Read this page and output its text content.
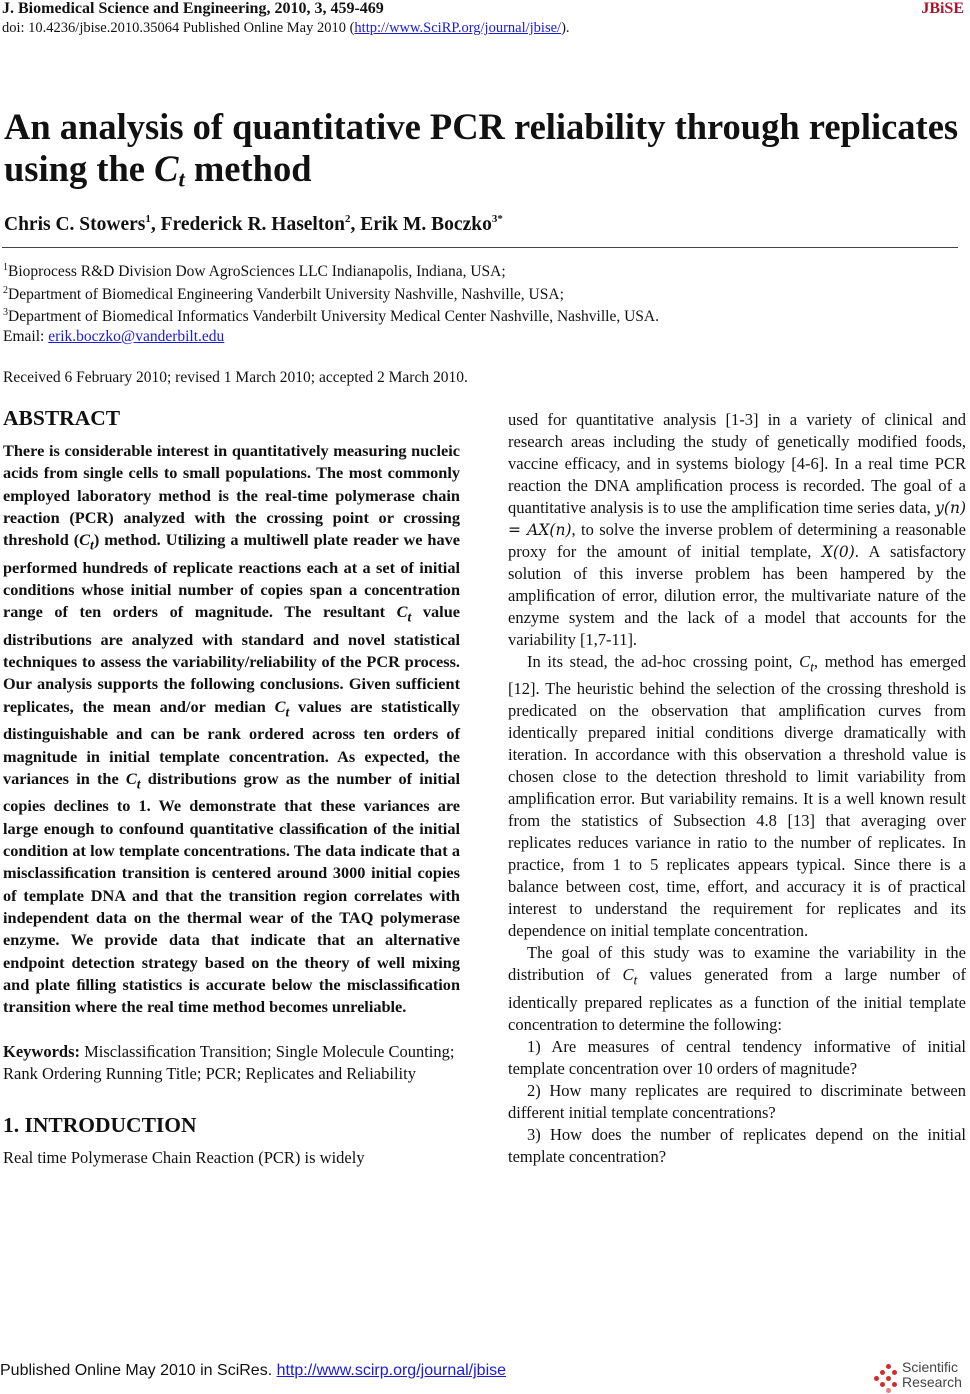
J. Biomedical Science and Engineering, 2010, 3, 459-469	JBiSE
doi: 10.4236/jbise.2010.35064 Published Online May 2010 (http://www.SciRP.org/journal/jbise/).
An analysis of quantitative PCR reliability through replicates using the $C_t$ method
Chris C. Stowers$^1$, Frederick R. Haselton$^2$, Erik M. Boczko$^{3*}$
$^1$Bioprocess R&D Division Dow AgroSciences LLC Indianapolis, Indiana, USA;
$^2$Department of Biomedical Engineering Vanderbilt University Nashville, Nashville, USA;
$^3$Department of Biomedical Informatics Vanderbilt University Medical Center Nashville, Nashville, USA.
Email: erik.boczko@vanderbilt.edu
Received 6 February 2010; revised 1 March 2010; accepted 2 March 2010.
ABSTRACT

There is considerable interest in quantitatively measuring nucleic acids from single cells to small populations. The most commonly employed laboratory method is the real-time polymerase chain reaction (PCR) analyzed with the crossing point or crossing threshold $(C_t)$ method. Utilizing a multiwell plate reader we have performed hundreds of replicate reactions each at a set of initial conditions whose initial number of copies span a concentration range of ten orders of magnitude. The resultant $C_t$ value distributions are analyzed with standard and novel statistical techniques to assess the variability/reliability of the PCR process. Our analysis supports the following conclusions. Given sufficient replicates, the mean and/or median $C_t$ values are statistically distinguishable and can be rank ordered across ten orders of magnitude in initial template concentration. As expected, the variances in the $C_t$ distributions grow as the number of initial copies declines to 1. We demonstrate that these variances are large enough to confound quantitative classiﬁcation of the initial condition at low template concentrations. The data indicate that a misclassiﬁcation transition is centered around 3000 initial copies of template DNA and that the transition region correlates with independent data on the thermal wear of the TAQ polymerase enzyme. We provide data that indicate that an alternative endpoint detection strategy based on the theory of well mixing and plate ﬁlling statistics is accurate below the misclassiﬁcation transition where the real time method becomes unreliable.

Keywords: Misclassiﬁcation Transition; Single Molecule Counting; Rank Ordering Running Title; PCR; Replicates and Reliability
1. INTRODUCTION
Real time Polymerase Chain Reaction (PCR) is widely

used for quantitative analysis [1-3] in a variety of clinical and research areas including the study of genetically modified foods, vaccine efficacy, and in systems biology [4-6]. In a real time PCR reaction the DNA ampliﬁcation process is recorded. The goal of a quantitative analysis is to use the amplification time series data, y(n) = AX(n), to solve the inverse problem of determining a reasonable proxy for the amount of initial template, X(0). A satisfactory solution of this inverse problem has been hampered by the ampliﬁcation of error, dilution error, the multivariate nature of the enzyme system and the lack of a model that accounts for the variability [1,7-11].

In its stead, the ad-hoc crossing point, $C_t$, method has emerged [12]. The heuristic behind the selection of the crossing threshold is predicated on the observation that ampliﬁcation curves from identically prepared initial conditions diverge dramatically with iteration. In accordance with this observation a threshold value is chosen close to the detection threshold to limit variability from ampliﬁcation error. But variability remains. It is a well known result from the statistics of Subsection 4.8 [13] that averaging over replicates reduces variance in ratio to the number of replicates. In practice, from 1 to 5 replicates appears typical. Since there is a balance between cost, time, effort, and accuracy it is of practical interest to understand the requirement for replicates and its dependence on initial template concentration.

The goal of this study was to examine the variability in the distribution of $C_t$ values generated from a large number of identically prepared replicates as a function of the initial template concentration to determine the following:

1) Are measures of central tendency informative of initial template concentration over 10 orders of magnitude?

2) How many replicates are required to discriminate between different initial template concentrations?

3) How does the number of replicates depend on the initial template concentration?

Published Online May 2010 in SciRes. http://www.scirp.org/journal/jbise	Scientific
Research
